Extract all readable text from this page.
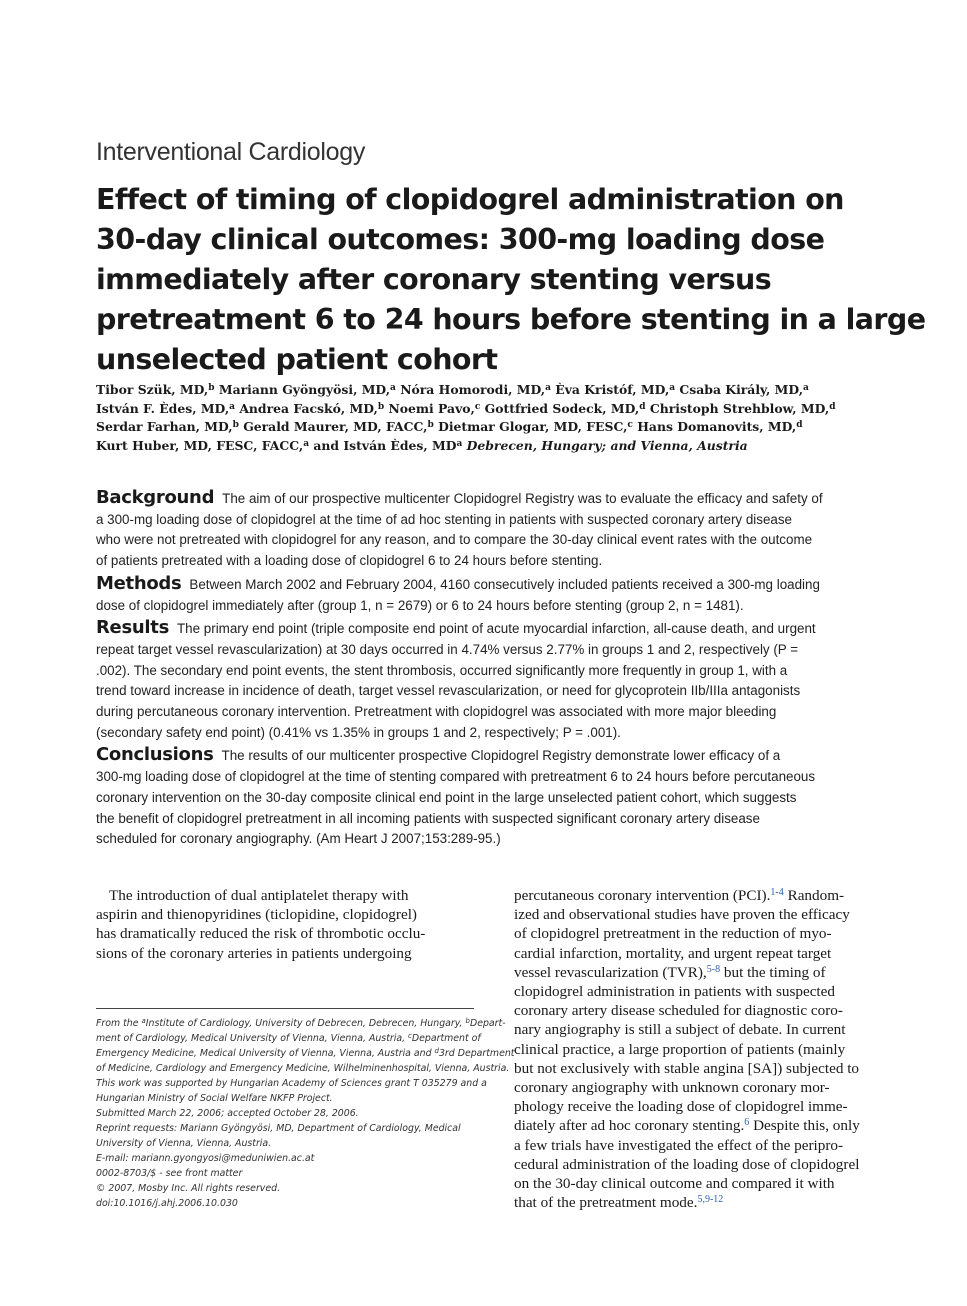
Interventional Cardiology
Effect of timing of clopidogrel administration on
30-day clinical outcomes: 300-mg loading dose
immediately after coronary stenting versus
pretreatment 6 to 24 hours before stenting in a large
unselected patient cohort
Tibor Szük, MD,$^b$ Mariann Gyöngyösi, MD,$^a$ Nóra Homorodi, MD,$^a$ Èva Kristóf, MD,$^a$ Csaba Király, MD,$^a$
István F. Èdes, MD,$^a$ Andrea Facskó, MD,$^b$ Noemi Pavo,$^c$ Gottfried Sodeck, MD,$^d$ Christoph Strehblow, MD,$^d$
Serdar Farhan, MD,$^b$ Gerald Maurer, MD, FACC,$^b$ Dietmar Glogar, MD, FESC,$^c$ Hans Domanovits, MD,$^d$
Kurt Huber, MD, FESC, FACC,$^a$ and István Èdes, $MD^a$ Debrecen, Hungary; and Vienna, Austria

Background The aim of our prospective multicenter Clopidogrel Registry was to evaluate the efficacy and safety of
a 300-mg loading dose of clopidogrel at the time of ad hoc stenting in patients with suspected coronary artery disease
who were not pretreated with clopidogrel for any reason, and to compare the 30-day clinical event rates with the outcome
of patients pretreated with a loading dose of clopidogrel 6 to 24 hours before stenting.

Methods Between March 2002 and February 2004, 4160 consecutively included patients received a 300-mg loading
dose of clopidogrel immediately after (group 1, n = 2679) or 6 to 24 hours before stenting (group 2, n = 1481).

Results The primary end point (triple composite end point of acute myocardial infarction, all-cause death, and urgent
repeat target vessel revascularization) at 30 days occurred in 4.74% versus 2.77% in groups 1 and 2, respectively (P =
.002). The secondary end point events, the stent thrombosis, occurred significantly more frequently in group 1, with a
trend toward increase in incidence of death, target vessel revascularization, or need for glycoprotein IIb/IIIa antagonists
during percutaneous coronary intervention. Pretreatment with clopidogrel was associated with more major bleeding
(secondary safety end point) (0.41% vs 1.35% in groups 1 and 2, respectively; P = .001).

Conclusions The results of our multicenter prospective Clopidogrel Registry demonstrate lower efficacy of a
300-mg loading dose of clopidogrel at the time of stenting compared with pretreatment 6 to 24 hours before percutaneous
coronary intervention on the 30-day composite clinical end point in the large unselected patient cohort, which suggests
the benefit of clopidogrel pretreatment in all incoming patients with suspected significant coronary artery disease
scheduled for coronary angiography. (Am Heart J 2007;153:289-95.)

The introduction of dual antiplatelet therapy with
aspirin and thienopyridines (ticlopidine, clopidogrel)
has dramatically reduced the risk of thrombotic occlu-
sions of the coronary arteries in patients undergoing
percutaneous coronary intervention (PCI).$^{1-4}$ Random-
ized and observational studies have proven the efficacy
of clopidogrel pretreatment in the reduction of myo-
cardial infarction, mortality, and urgent repeat target
vessel revascularization (TVR),$^{5-8}$ but the timing of
clopidogrel administration in patients with suspected
coronary artery disease scheduled for diagnostic coro-
nary angiography is still a subject of debate. In current
clinical practice, a large proportion of patients (mainly
but not exclusively with stable angina [SA]) subjected to
coronary angiography with unknown coronary mor-
phology receive the loading dose of clopidogrel imme-
diately after ad hoc coronary stenting.$^6$ Despite this, only
a few trials have investigated the effect of the peripro-
cedural administration of the loading dose of clopidogrel
on the 30-day clinical outcome and compared it with
that of the pretreatment mode.$^{5,9-12}$
From the $^a$Institute of Cardiology, University of Debrecen, Debrecen, Hungary, $^b$Depart-
ment of Cardiology, Medical University of Vienna, Vienna, Austria, $^c$Department of
Emergency Medicine, Medical University of Vienna, Vienna, Austria and $^d$3rd Department
of Medicine, Cardiology and Emergency Medicine, Wilhelminenhospital, Vienna, Austria.
This work was supported by Hungarian Academy of Sciences grant T 035279 and a
Hungarian Ministry of Social Welfare NKFP Project.
Submitted March 22, 2006; accepted October 28, 2006.
Reprint requests: Mariann Gyöngyösi, MD, Department of Cardiology, Medical
University of Vienna, Vienna, Austria.
E-mail: mariann.gyongyosi@meduniwien.ac.at
0002-8703/$ - see front matter
© 2007, Mosby Inc. All rights reserved.
doi:10.1016/j.ahj.2006.10.030
